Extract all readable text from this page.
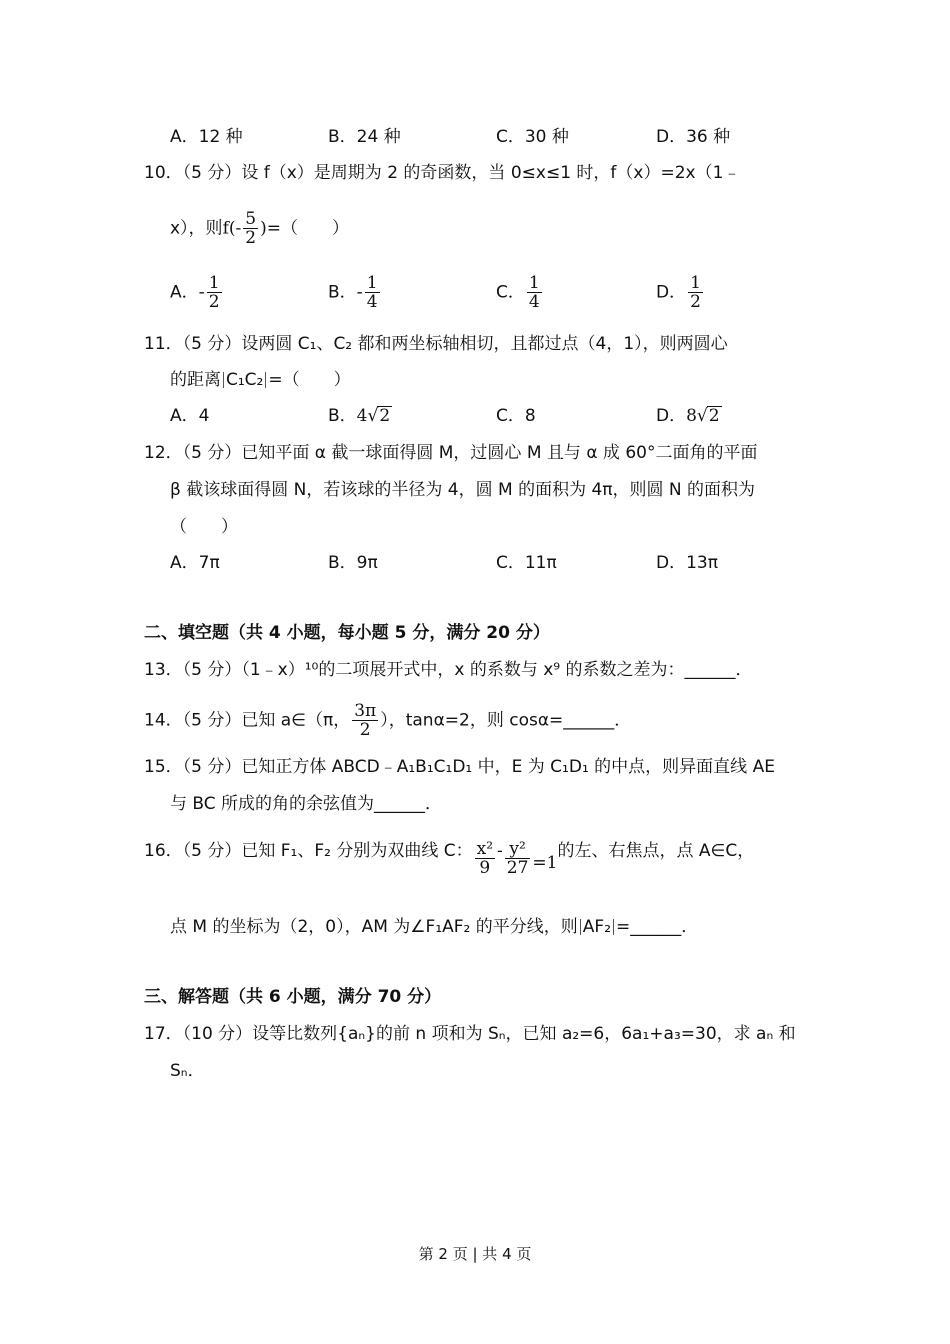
A．12 种	B．24 种	C．30 种	D．36 种
10．（5 分）设 f（x）是周期为 2 的奇函数，当 0≤x≤1 时，f（x）=2x（1﹣
x），则$f(- \frac{5}{2}$ )=（　　）
A．- $\frac{1}{2}$	B．- $\frac{1}{4}$	C． $\frac{1}{4}$	D． $\frac{1}{2}$
11．（5 分）设两圆 C₁、C₂ 都和两坐标轴相切，且都过点（4，1），则两圆心
的距离 C₁C₂ =（　　）
A．4	B．4√2	C．8	D．8√2
12．（5 分）已知平面 α 截一球面得圆 M，过圆心 M 且与 α 成 60°二面角的平面
β 截该球面得圆 N，若该球的半径为 4，圆 M 的面积为 4π，则圆 N 的面积为
（　　）
A．7π	B．9π	C．11π	D．13π
二、填空题（共 4 小题，每小题 5 分，满分 20 分）
13．（5 分）（1﹣x）¹⁰的二项展开式中，x 的系数与 x⁹ 的系数之差为：______．
14．（5 分）已知 a∈（π， $\frac{3\pi}{2}$ ），tanα=2，则 cosα=______．
15．（5 分）已知正方体 ABCD﹣A₁B₁C₁D₁ 中，E 为 C₁D₁ 的中点，则异面直线 AE
与 BC 所成的角的余弦值为______．
16．（5 分）已知 F₁、F₂ 分别为双曲线 C： $\frac{\text{x²}}{9} - \frac{\text{y²}}{27} =1$的左、右焦点，点 A∈C，
点 M 的坐标为（2，0），AM 为∠F₁AF₂ 的平分线，则 AF₂ =______．
三、解答题（共 6 小题，满分 70 分）
17．（10 分）设等比数列{aₙ}的前 n 项和为 Sₙ，已知 a₂=6，6a₁+a₃=30，求 aₙ 和
Sₙ．
第 2 页 | 共 4 页
